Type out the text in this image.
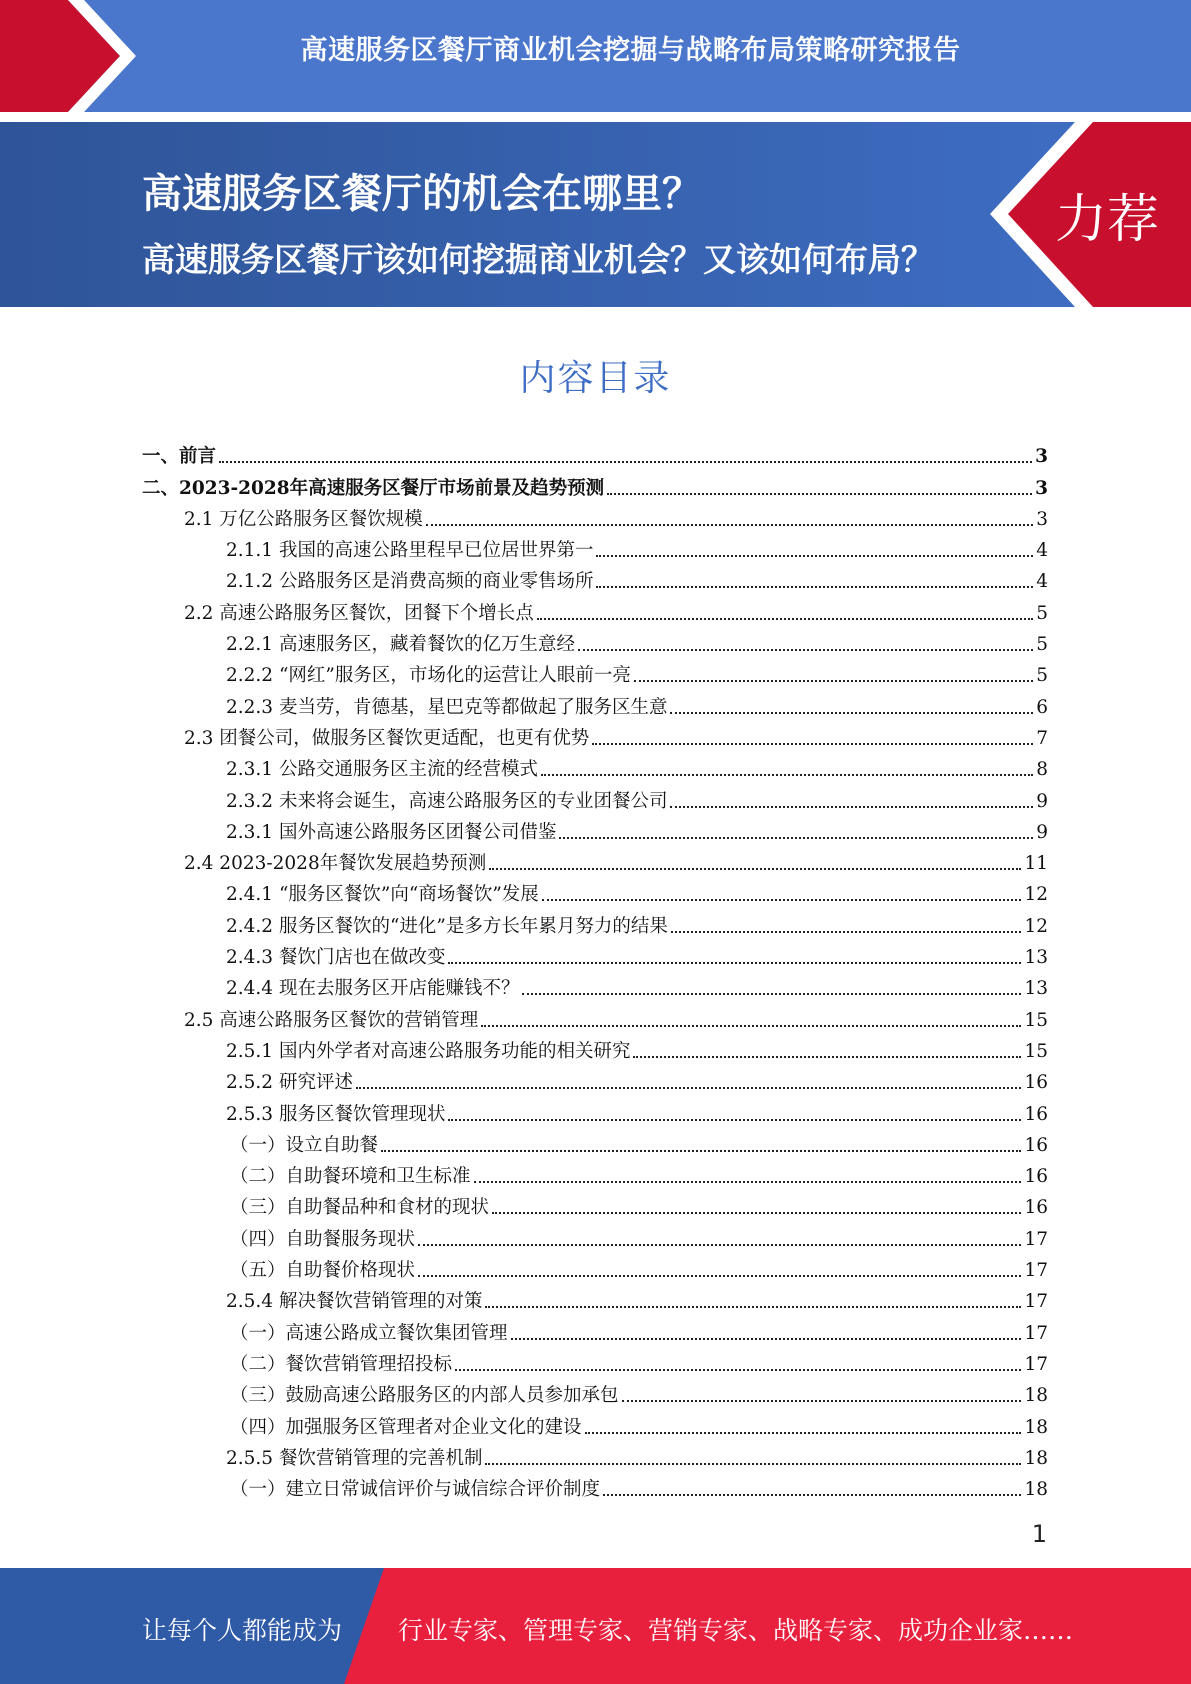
高速服务区餐厅商业机会挖掘与战略布局策略研究报告
高速服务区餐厅的机会在哪里？
高速服务区餐厅该如何挖掘商业机会？又该如何布局？
力荐
内容目录
一、前言	3
二、2023-2028年高速服务区餐厅市场前景及趋势预测	3
2.1 万亿公路服务区餐饮规模	3
2.1.1 我国的高速公路里程早已位居世界第一	4
2.1.2 公路服务区是消费高频的商业零售场所	4
2.2 高速公路服务区餐饮，团餐下个增长点	5
2.2.1 高速服务区，藏着餐饮的亿万生意经	5
2.2.2 “网红”服务区，市场化的运营让人眼前一亮	5
2.2.3 麦当劳，肯德基，星巴克等都做起了服务区生意	6
2.3 团餐公司，做服务区餐饮更适配，也更有优势	7
2.3.1 公路交通服务区主流的经营模式	8
2.3.2 未来将会诞生，高速公路服务区的专业团餐公司	9
2.3.1 国外高速公路服务区团餐公司借鉴	9
2.4 2023-2028年餐饮发展趋势预测	11
2.4.1 “服务区餐饮”向“商场餐饮”发展	12
2.4.2 服务区餐饮的“进化”是多方长年累月努力的结果	12
2.4.3 餐饮门店也在做改变	13
2.4.4 现在去服务区开店能赚钱不？	13
2.5 高速公路服务区餐饮的营销管理	15
2.5.1 国内外学者对高速公路服务功能的相关研究	15
2.5.2 研究评述	16
2.5.3 服务区餐饮管理现状	16
（一）设立自助餐	16
（二）自助餐环境和卫生标准	16
（三）自助餐品种和食材的现状	16
（四）自助餐服务现状	17
（五）自助餐价格现状	17
2.5.4 解决餐饮营销管理的对策	17
（一）高速公路成立餐饮集团管理	17
（二）餐饮营销管理招投标	17
（三）鼓励高速公路服务区的内部人员参加承包	18
（四）加强服务区管理者对企业文化的建设	18
2.5.5 餐饮营销管理的完善机制	18
（一）建立日常诚信评价与诚信综合评价制度	18
1
让每个人都能成为 行业专家、管理专家、营销专家、战略专家、成功企业家……
